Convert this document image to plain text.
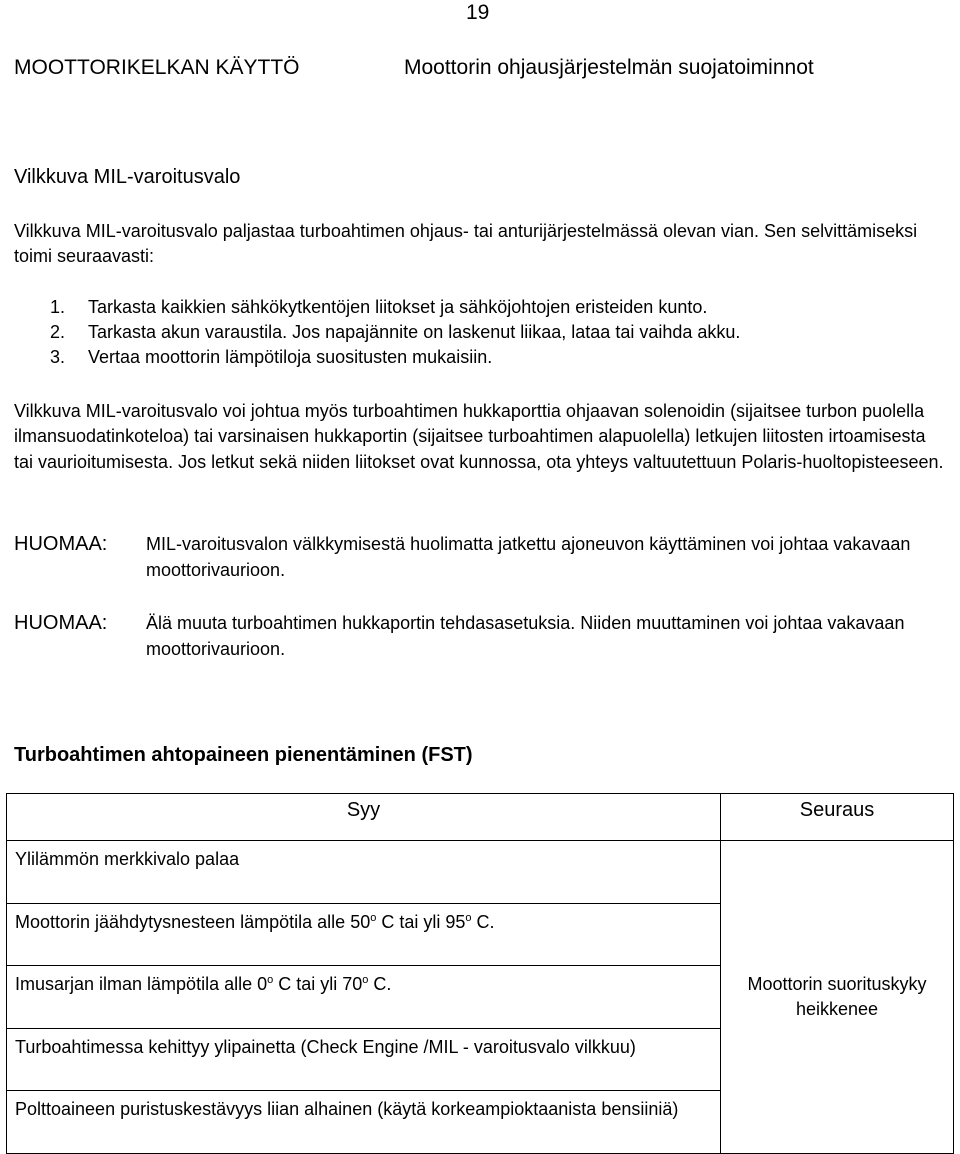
19
MOOTTORIKELKAN KÄYTTÖ	Moottorin ohjausjärjestelmän suojatoiminnot
Vilkkuva MIL-varoitusvalo
Vilkkuva MIL-varoitusvalo paljastaa turboahtimen ohjaus- tai anturijärjestelmässä olevan vian. Sen selvittämiseksi toimi seuraavasti:
1.	Tarkasta kaikkien sähkökytkentöjen liitokset ja sähköjohtojen eristeiden kunto.
2.	Tarkasta akun varaustila. Jos napajännite on laskenut liikaa, lataa tai vaihda akku.
3.	Vertaa moottorin lämpötiloja suositusten mukaisiin.
Vilkkuva MIL-varoitusvalo voi johtua myös turboahtimen hukkaporttia ohjaavan solenoidin (sijaitsee turbon puolella ilmansuodatinkoteloa) tai varsinaisen hukkaportin (sijaitsee turboahtimen alapuolella) letkujen liitosten irtoamisesta tai vaurioitumisesta. Jos letkut sekä niiden liitokset ovat kunnossa, ota yhteys valtuutettuun Polaris-huoltopisteeseen.
HUOMAA:	MIL-varoitusvalon välkkymisestä huolimatta jatkettu ajoneuvon käyttäminen voi johtaa vakavaan moottorivaurioon.
HUOMAA:	Älä muuta turboahtimen hukkaportin tehdasasetuksia. Niiden muuttaminen voi johtaa vakavaan moottorivaurioon.
Turboahtimen ahtopaineen pienentäminen (FST)
Syy	Seuraus
Ylilämmön merkkivalo palaa	Moottorin suorituskyky heikkenee
Moottorin jäähdytysnesteen lämpötila alle 50$^o$ C tai yli 95$^o$ C.	
Imusarjan ilman lämpötila alle 0$^o$ C tai yli 70$^o$ C.	
Turboahtimessa kehittyy ylipainetta (Check Engine /MIL - varoitusvalo vilkkuu)	
Polttoaineen puristuskestävyys liian alhainen (käytä korkeampioktaanista bensiiniä)	
